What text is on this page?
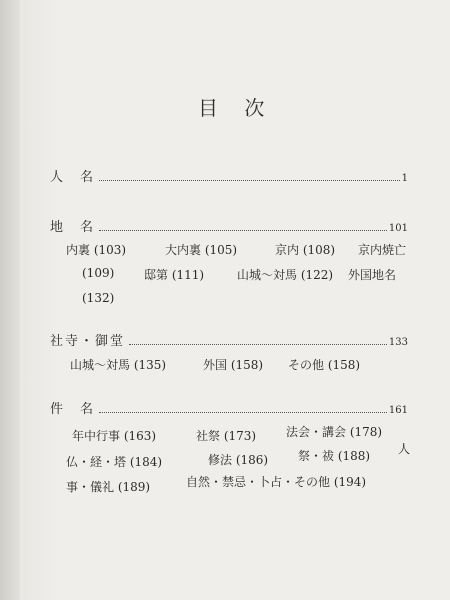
目 次
人　名	1
地　名	101
内裏 (103)	大内裏 (105)	京内 (108) 京内焼亡
(109) 邸第 (111)	山城～対馬 (122) 外国地名
(132)
社寺・御堂	133
山城～対馬 (135)	外国 (158) その他 (158)
件　名	161
年中行事 (163)	社祭 (173) 法会・講会 (178)
仏・経・塔 (184)	修法 (186) 祭・祓 (188) 人
事・儀礼 (189)	自然・禁忌・卜占・その他 (194)
